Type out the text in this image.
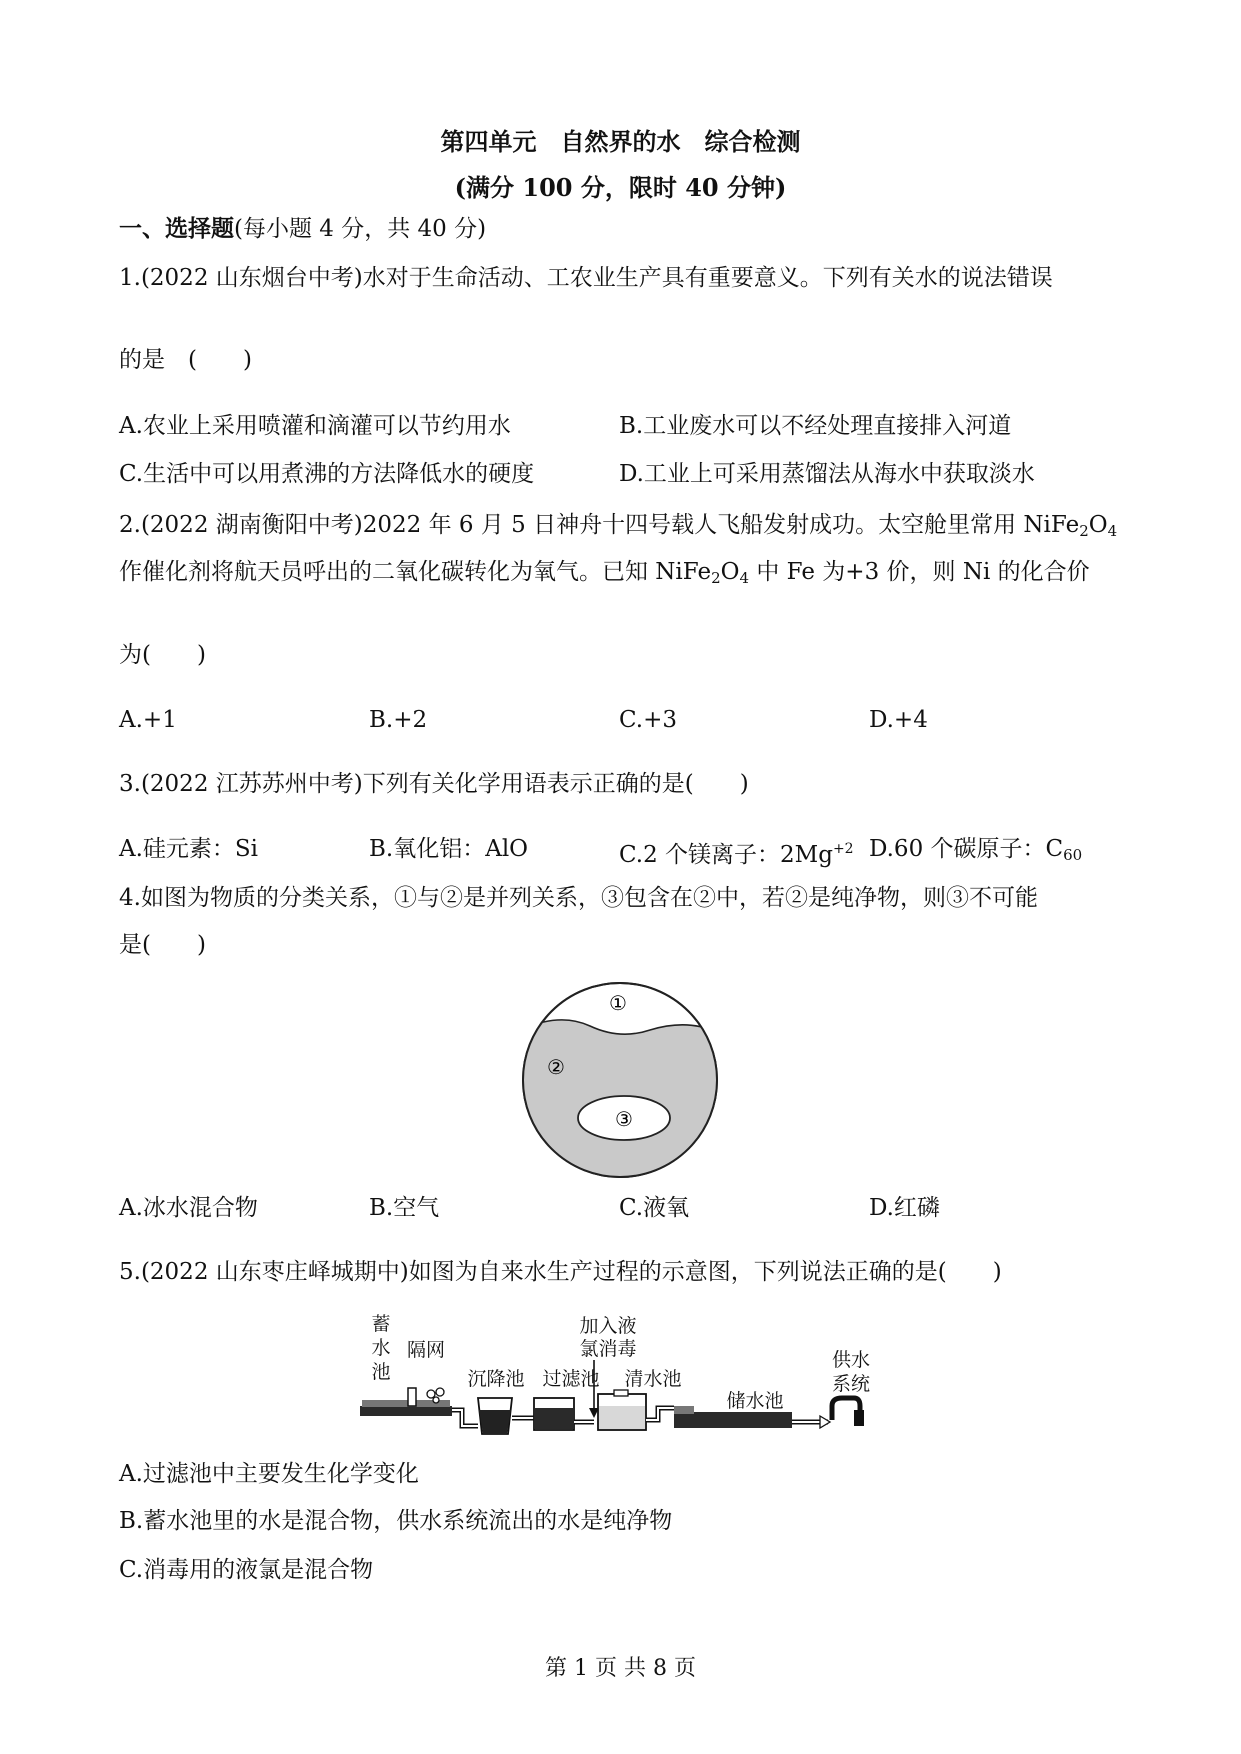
第四单元　自然界的水　综合检测
(满分 100 分，限时 40 分钟)
一、选择题(每小题 4 分，共 40 分)
1.(2022 山东烟台中考)水对于生命活动、工农业生产具有重要意义。下列有关水的说法错误
的是　(　　)
A.农业上采用喷灌和滴灌可以节约用水	B.工业废水可以不经处理直接排入河道
C.生活中可以用煮沸的方法降低水的硬度	D.工业上可采用蒸馏法从海水中获取淡水
2.(2022 湖南衡阳中考)2022 年 6 月 5 日神舟十四号载人飞船发射成功。太空舱里常用 $NiFe_2O_4$
作催化剂将航天员呼出的二氧化碳转化为氧气。已知 $NiFe_2O_4$ 中 Fe 为+3 价，则 Ni 的化合价
为(　　)
A.+1	B.+2	C.+3	D.+4
3.(2022 江苏苏州中考)下列有关化学用语表示正确的是(　　)
A.硅元素：Si	B.氧化铝：AlO	C.2 个镁离子：$2Mg^{+2}$ D.60 个碳原子：$C_{60}$
4.如图为物质的分类关系，①与②是并列关系，③包含在②中，若②是纯净物，则③不可能
是(　　)
①
②
③
A.冰水混合物	B.空气	C.液氧	D.红磷
5.(2022 山东枣庄峄城期中)如图为自来水生产过程的示意图，下列说法正确的是(　　)
蓄
水
池
隔网
沉降池 过滤池
加入液
氯消毒
清水池
储水池
供水
系统
A.过滤池中主要发生化学变化
B.蓄水池里的水是混合物，供水系统流出的水是纯净物
C.消毒用的液氯是混合物
第 1 页 共 8 页
